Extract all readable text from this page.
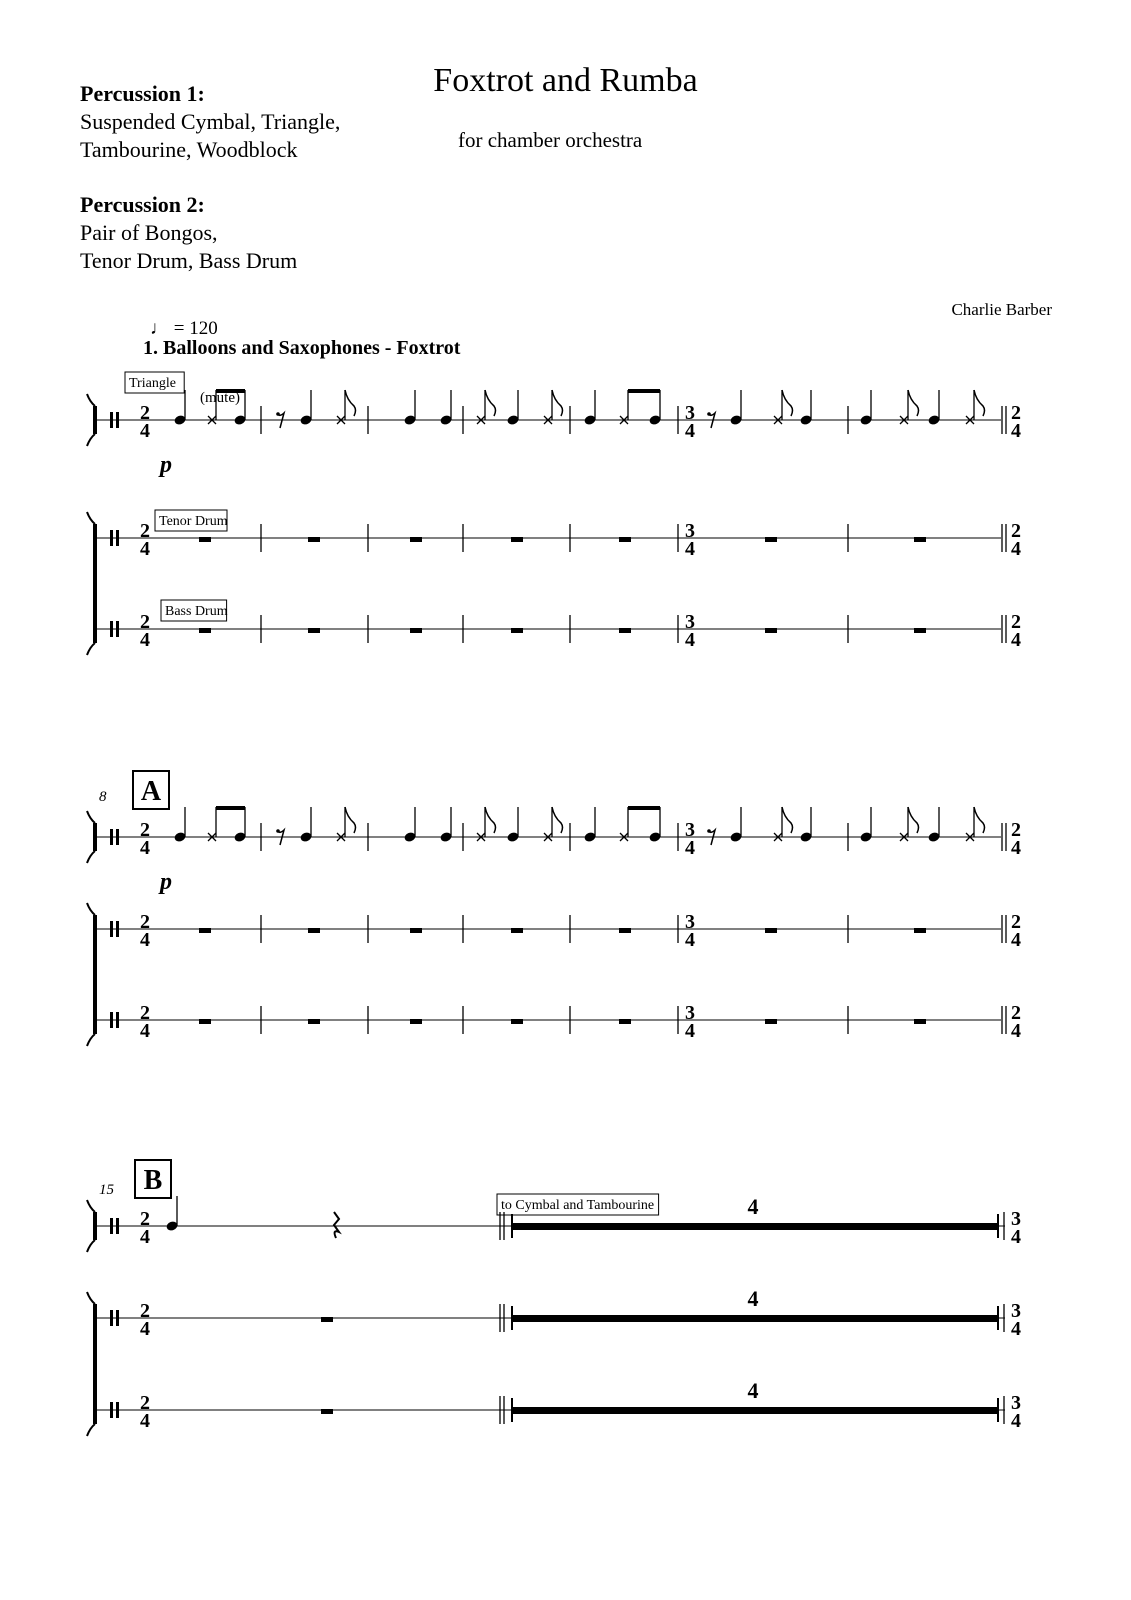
Foxtrot and Rumba
for chamber orchestra
Percussion 1:
Suspended Cymbal, Triangle,
Tambourine, Woodblock
Percussion 2:
Pair of Bongos,
Tenor Drum, Bass Drum
Charlie Barber
♩ = 120
1. Balloons and Saxophones - Foxtrot
2
4
3
4
2
4
2
4
3
4
2
4
2
4
3
4
2
4
p
Triangle
(mute)
Tenor Drum
Bass Drum
2
4
3
4
2
4
2
4
3
4
2
4
2
4
3
4
2
4
p
8 A
2
4
3
4
4
2
4
3
4
4
2
4
3
4
4
15 B
to Cymbal and Tambourine
